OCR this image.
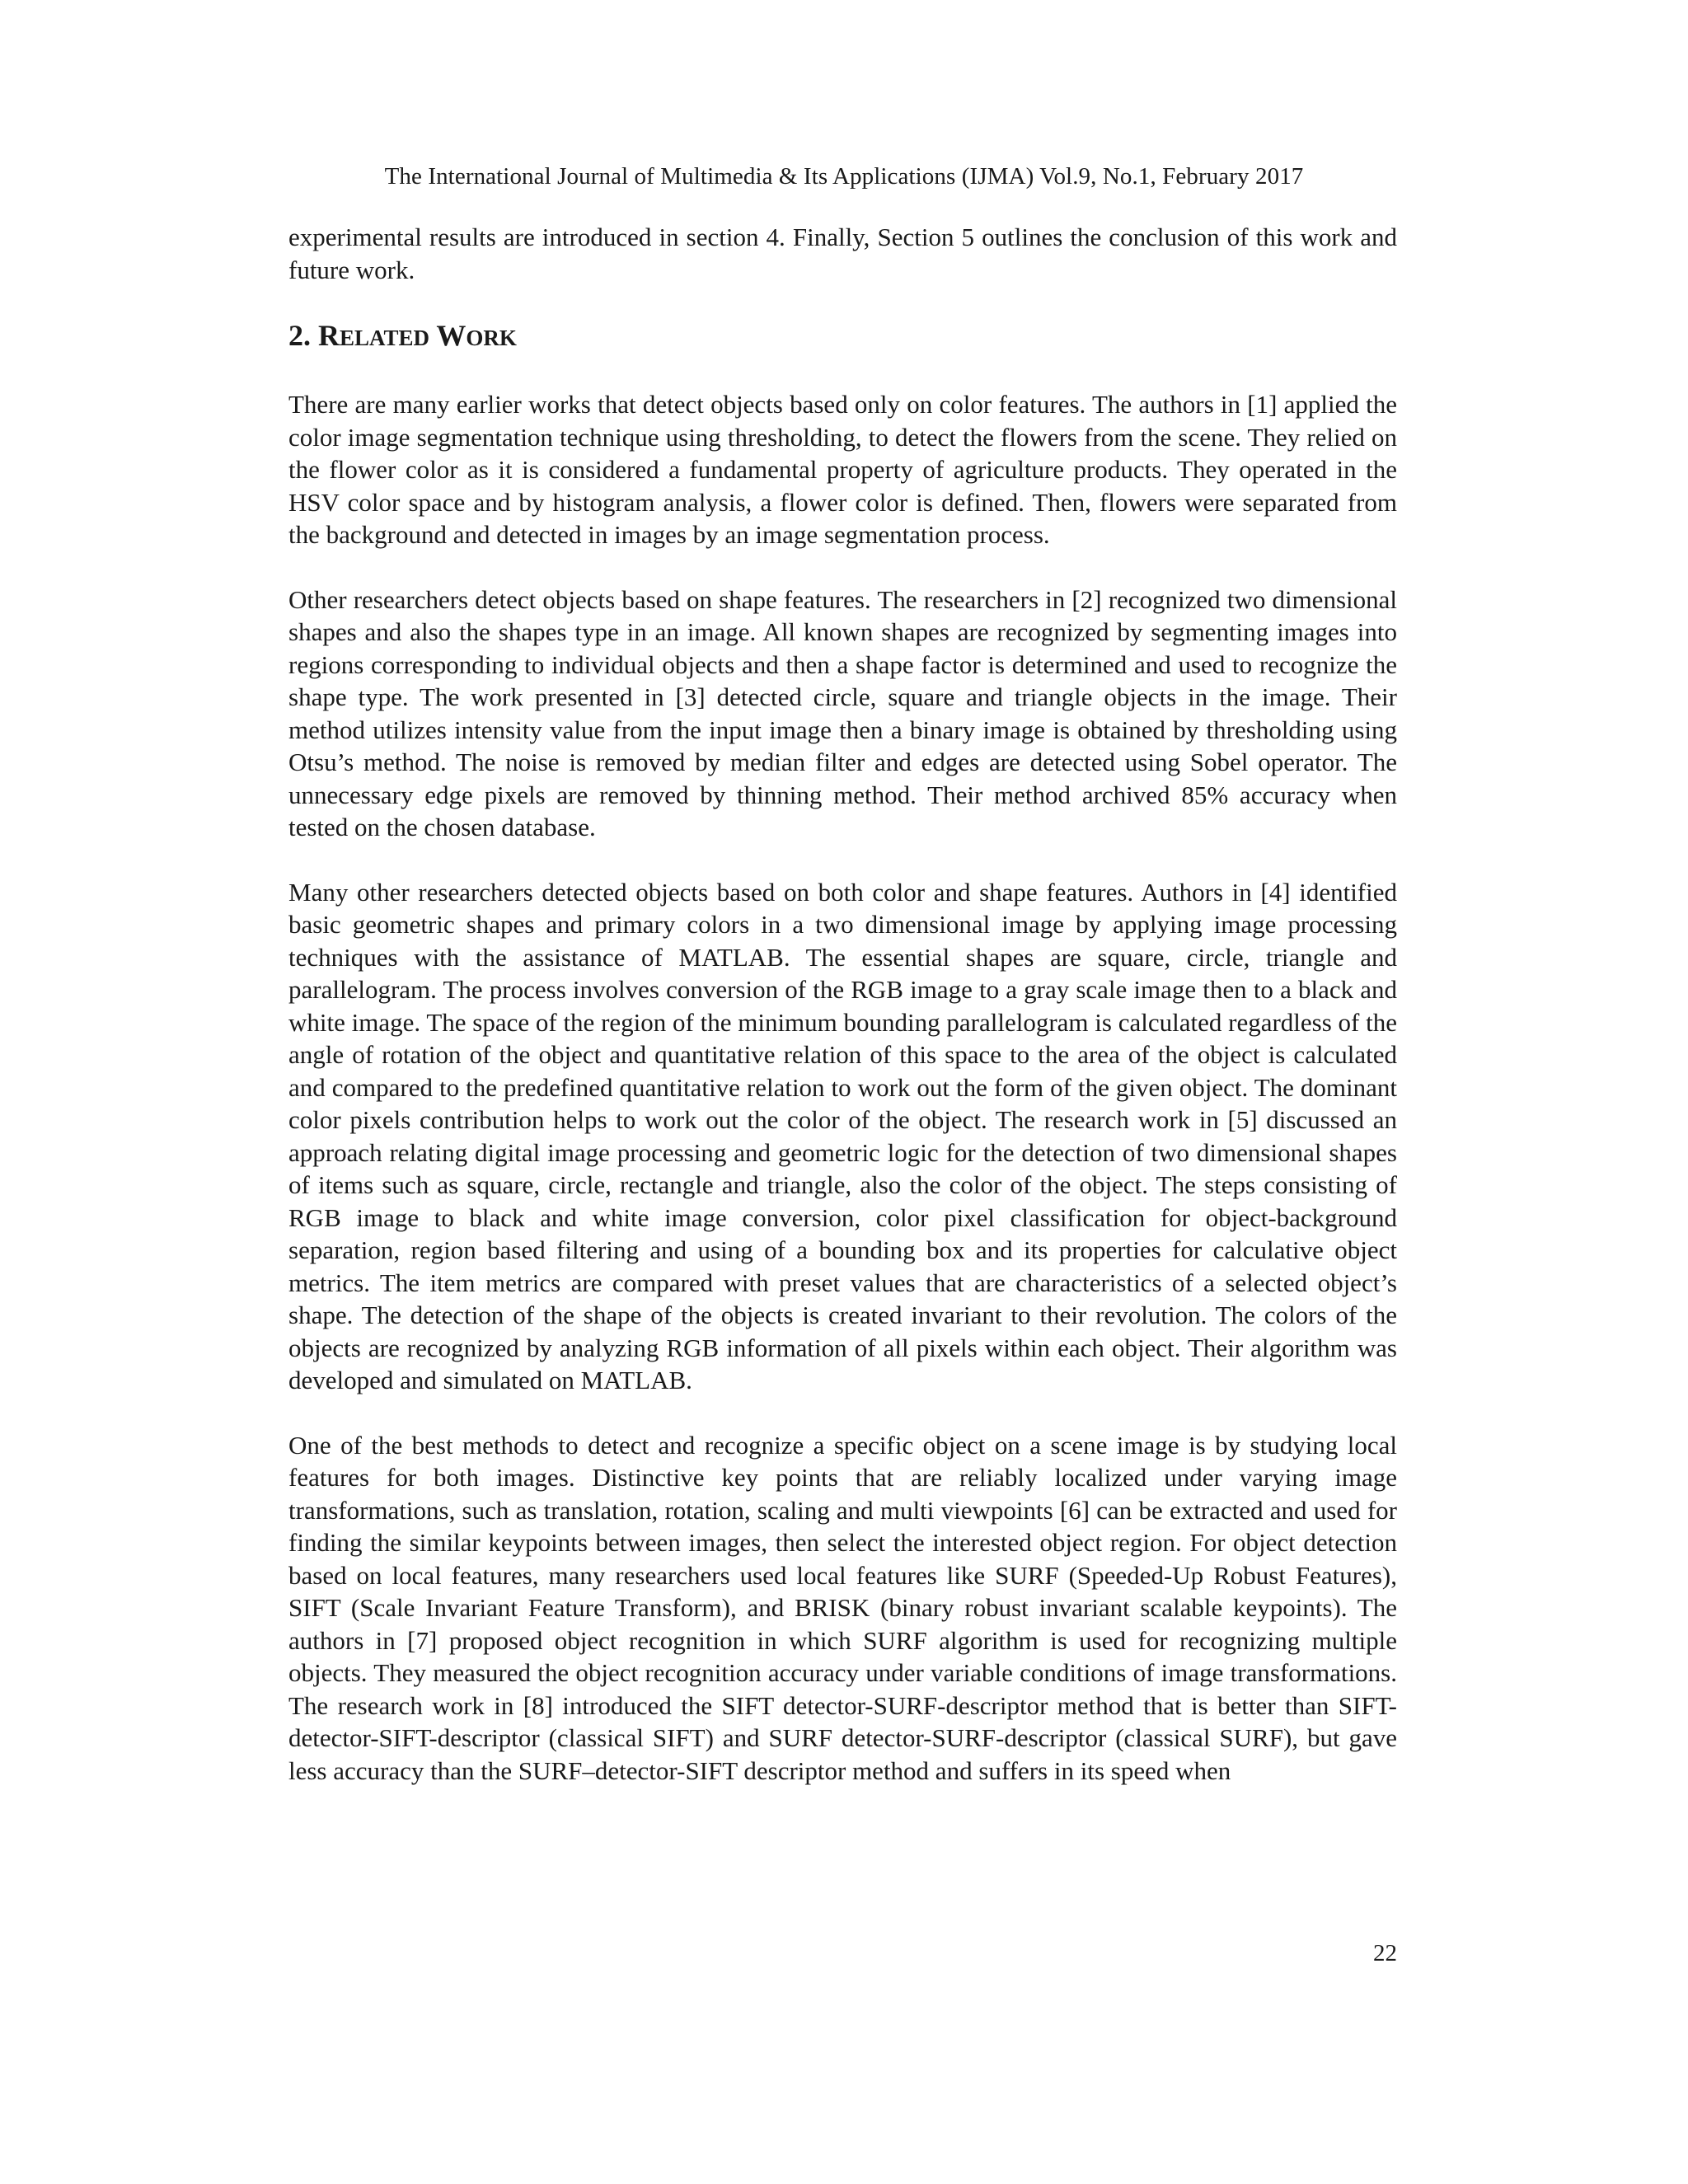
The International Journal of Multimedia & Its Applications (IJMA) Vol.9, No.1, February 2017

experimental results are introduced in section 4. Finally, Section 5 outlines the conclusion of this work and future work.

2. RELATED WORK

There are many earlier works that detect objects based only on color features. The authors in [1] applied the color image segmentation technique using thresholding, to detect the flowers from the scene. They relied on the flower color as it is considered a fundamental property of agriculture products. They operated in the HSV color space and by histogram analysis, a flower color is defined. Then, flowers were separated from the background and detected in images by an image segmentation process.

Other researchers detect objects based on shape features. The researchers in [2] recognized two dimensional shapes and also the shapes type in an image. All known shapes are recognized by segmenting images into regions corresponding to individual objects and then a shape factor is determined and used to recognize the shape type. The work presented in [3] detected circle, square and triangle objects in the image. Their method utilizes intensity value from the input image then a binary image is obtained by thresholding using Otsu’s method. The noise is removed by median filter and edges are detected using Sobel operator. The unnecessary edge pixels are removed by thinning method. Their method archived 85% accuracy when tested on the chosen database.

Many other researchers detected objects based on both color and shape features. Authors in [4] identified basic geometric shapes and primary colors in a two dimensional image by applying image processing techniques with the assistance of MATLAB. The essential shapes are square, circle, triangle and parallelogram. The process involves conversion of the RGB image to a gray scale image then to a black and white image. The space of the region of the minimum bounding parallelogram is calculated regardless of the angle of rotation of the object and quantitative relation of this space to the area of the object is calculated and compared to the predefined quantitative relation to work out the form of the given object. The dominant color pixels contribution helps to work out the color of the object. The research work in [5] discussed an approach relating digital image processing and geometric logic for the detection of two dimensional shapes of items such as square, circle, rectangle and triangle, also the color of the object. The steps consisting of RGB image to black and white image conversion, color pixel classification for object-background separation, region based filtering and using of a bounding box and its properties for calculative object metrics. The item metrics are compared with preset values that are characteristics of a selected object’s shape. The detection of the shape of the objects is created invariant to their revolution. The colors of the objects are recognized by analyzing RGB information of all pixels within each object. Their algorithm was developed and simulated on MATLAB.

One of the best methods to detect and recognize a specific object on a scene image is by studying local features for both images. Distinctive key points that are reliably localized under varying image transformations, such as translation, rotation, scaling and multi viewpoints [6] can be extracted and used for finding the similar keypoints between images, then select the interested object region. For object detection based on local features, many researchers used local features like SURF (Speeded-Up Robust Features), SIFT (Scale Invariant Feature Transform), and BRISK (binary robust invariant scalable keypoints). The authors in [7] proposed object recognition in which SURF algorithm is used for recognizing multiple objects. They measured the object recognition accuracy under variable conditions of image transformations. The research work in [8] introduced the SIFT detector-SURF-descriptor method that is better than SIFT-detector-SIFT-descriptor (classical SIFT) and SURF detector-SURF-descriptor (classical SURF), but gave less accuracy than the SURF–detector-SIFT descriptor method and suffers in its speed when

22
